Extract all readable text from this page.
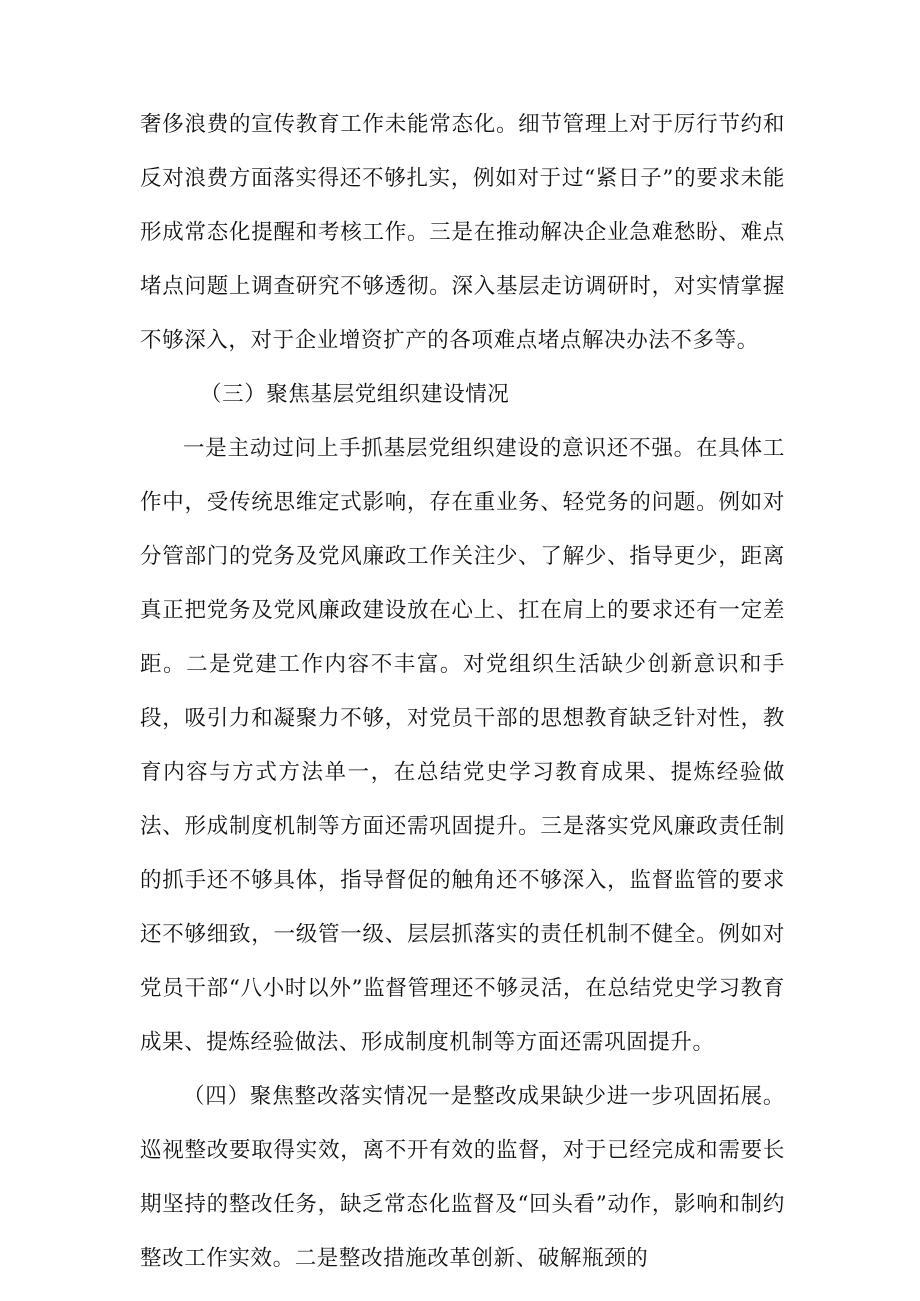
奢侈浪费的宣传教育工作未能常态化。细节管理上对于厉行节约和反对浪费方面落实得还不够扎实，例如对于过“紧日子”的要求未能形成常态化提醒和考核工作。三是在推动解决企业急难愁盼、难点堵点问题上调查研究不够透彻。深入基层走访调研时，对实情掌握不够深入，对于企业增资扩产的各项难点堵点解决办法不多等。

（三）聚焦基层党组织建设情况

一是主动过问上手抓基层党组织建设的意识还不强。在具体工作中，受传统思维定式影响，存在重业务、轻党务的问题。例如对分管部门的党务及党风廉政工作关注少、了解少、指导更少，距离真正把党务及党风廉政建设放在心上、扛在肩上的要求还有一定差距。二是党建工作内容不丰富。对党组织生活缺少创新意识和手段，吸引力和凝聚力不够，对党员干部的思想教育缺乏针对性，教育内容与方式方法单一，在总结党史学习教育成果、提炼经验做法、形成制度机制等方面还需巩固提升。三是落实党风廉政责任制的抓手还不够具体，指导督促的触角还不够深入，监督监管的要求还不够细致，一级管一级、层层抓落实的责任机制不健全。例如对党员干部“八小时以外”监督管理还不够灵活，在总结党史学习教育成果、提炼经验做法、形成制度机制等方面还需巩固提升。

（四）聚焦整改落实情况一是整改成果缺少进一步巩固拓展。巡视整改要取得实效，离不开有效的监督，对于已经完成和需要长期坚持的整改任务，缺乏常态化监督及“回头看”动作，影响和制约整改工作实效。二是整改措施改革创新、破解瓶颈的
